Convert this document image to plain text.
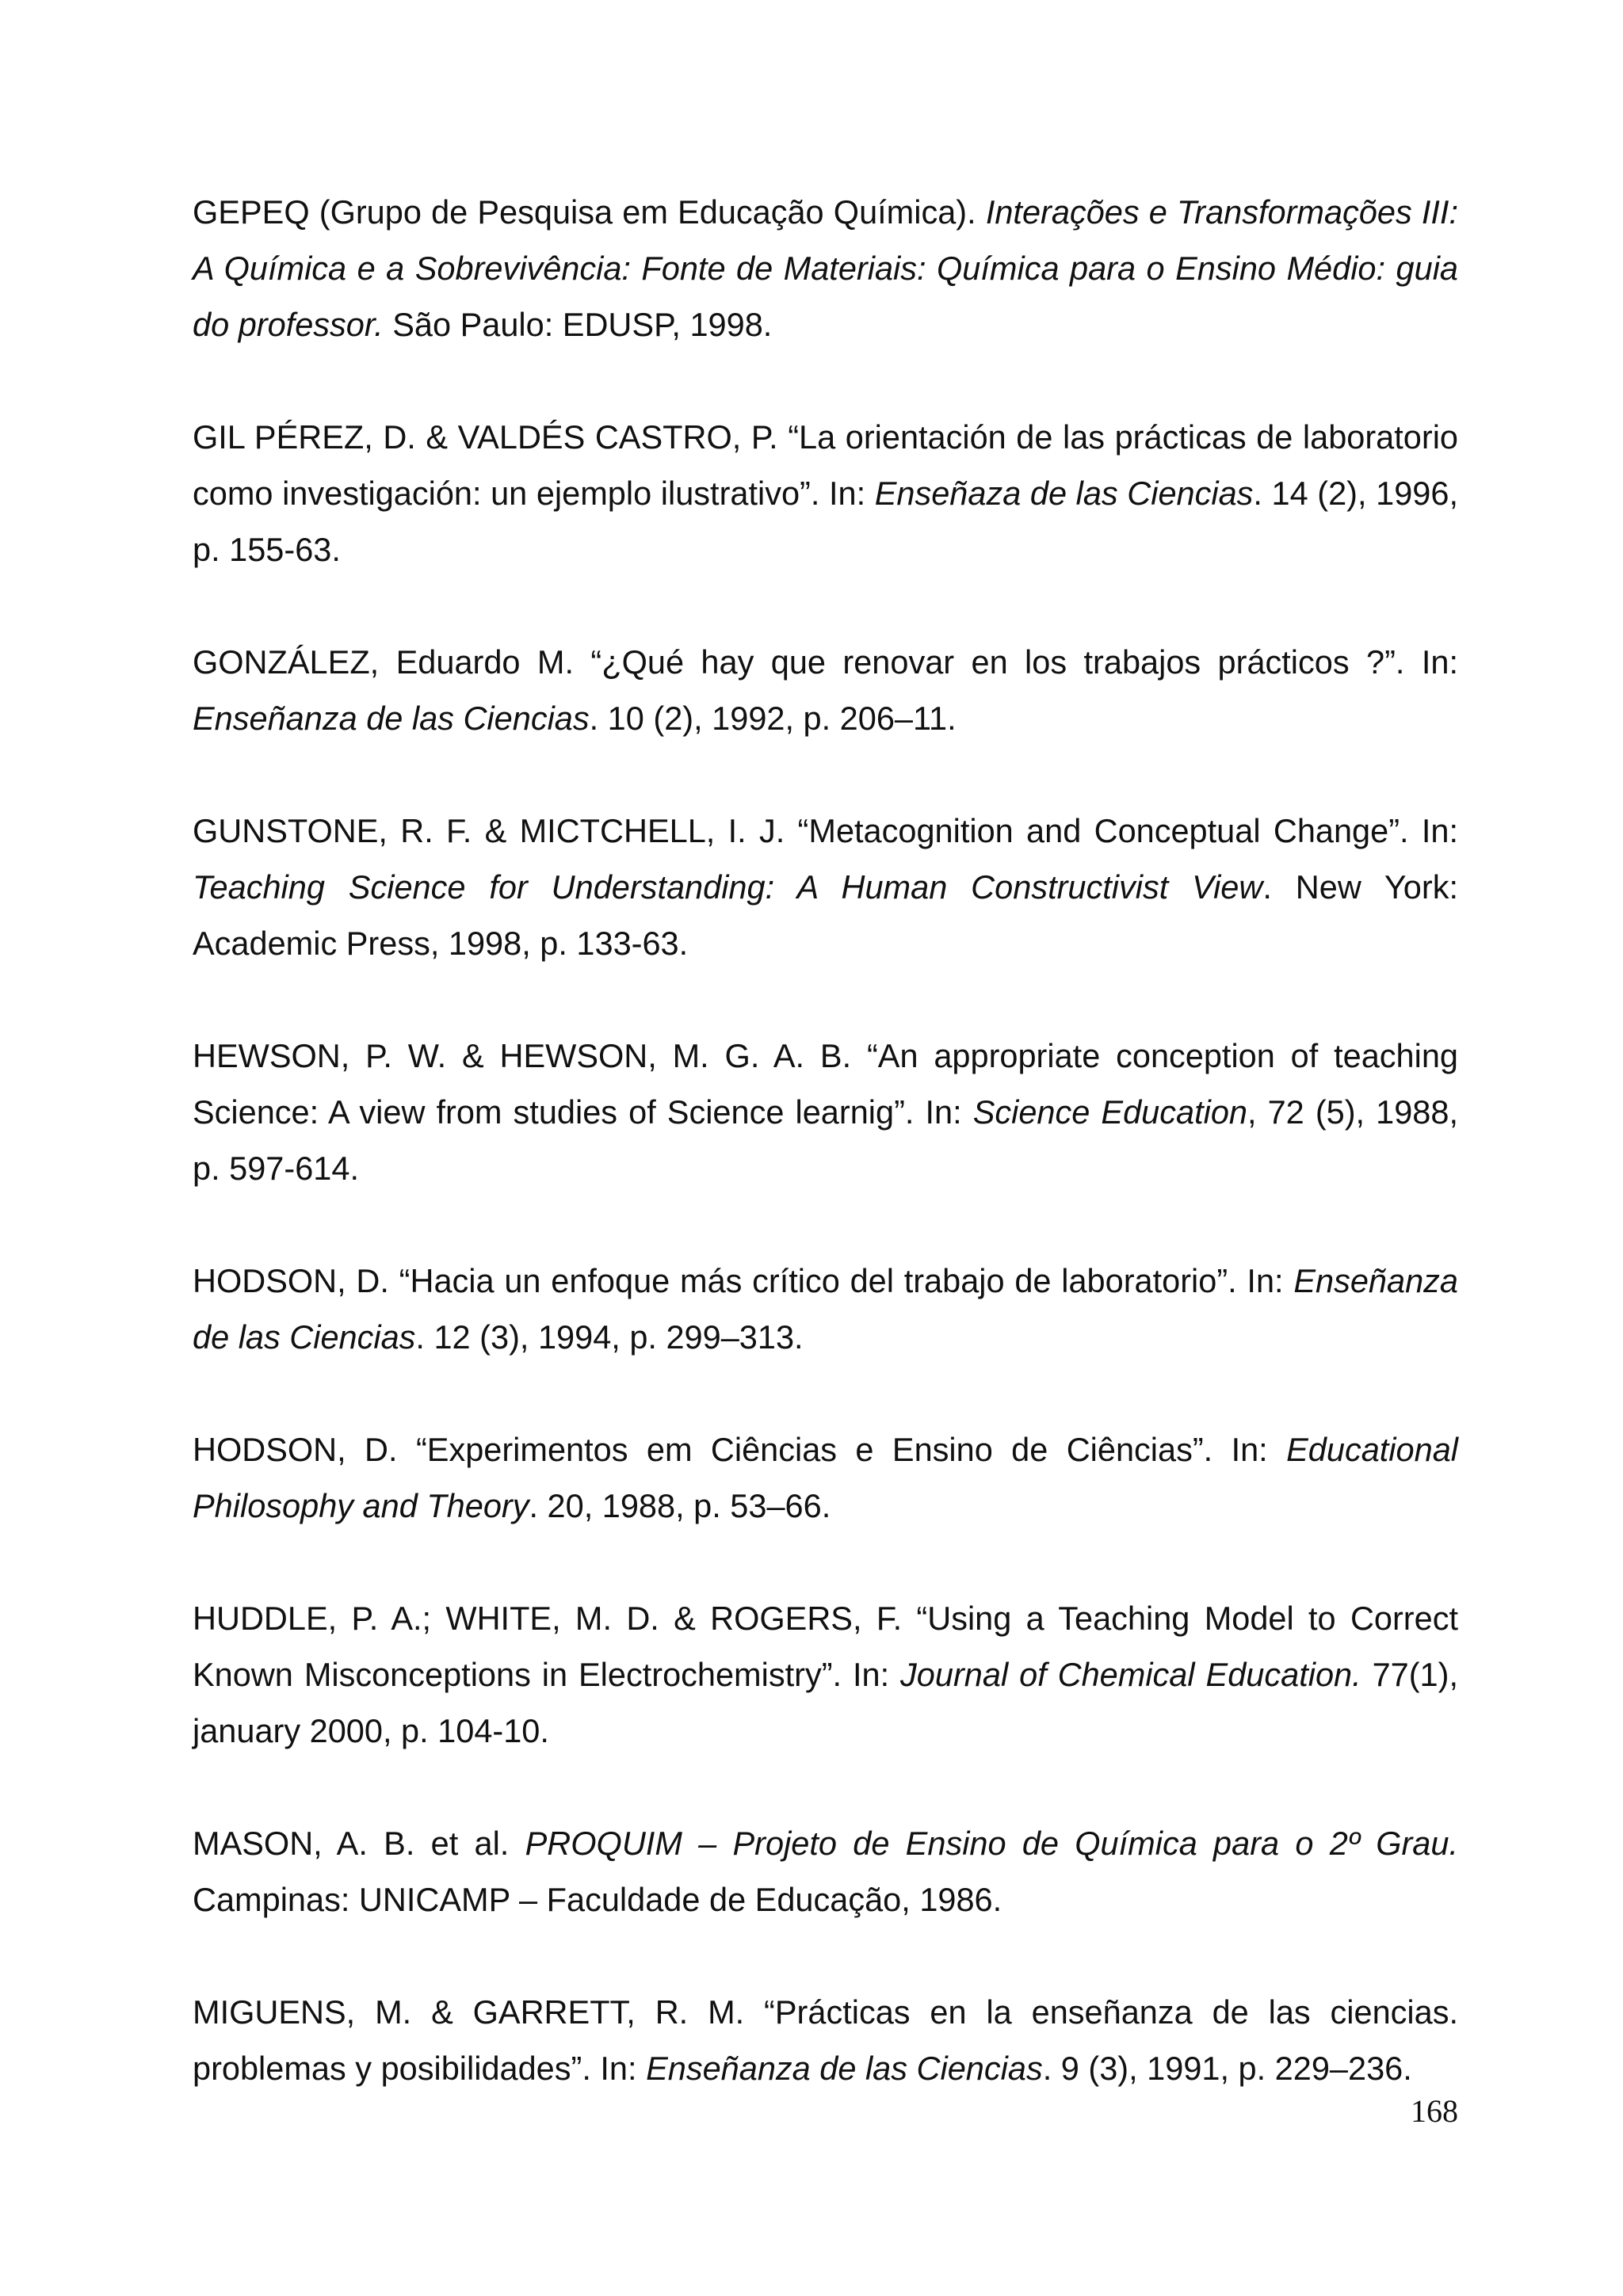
GEPEQ (Grupo de Pesquisa em Educação Química). Interações e Transformações III: A Química e a Sobrevivência: Fonte de Materiais: Química para o Ensino Médio: guia do professor. São Paulo: EDUSP, 1998.

GIL PÉREZ, D. & VALDÉS CASTRO, P. “La orientación de las prácticas de laboratorio como investigación: un ejemplo ilustrativo”. In: Enseñaza de las Ciencias. 14 (2), 1996, p. 155-63.

GONZÁLEZ, Eduardo M. “¿Qué hay que renovar en los trabajos prácticos ?”. In: Enseñanza de las Ciencias. 10 (2), 1992, p. 206–11.

GUNSTONE, R. F. & MICTCHELL, I. J. “Metacognition and Conceptual Change”. In: Teaching Science for Understanding: A Human Constructivist View. New York: Academic Press, 1998, p. 133-63.

HEWSON, P. W. & HEWSON, M. G. A. B. “An appropriate conception of teaching Science: A view from studies of Science learnig”. In: Science Education, 72 (5), 1988, p. 597-614.

HODSON, D. “Hacia un enfoque más crítico del trabajo de laboratorio”. In: Enseñanza de las Ciencias. 12 (3), 1994, p. 299–313.

HODSON, D. “Experimentos em Ciências e Ensino de Ciências”. In: Educational Philosophy and Theory. 20, 1988, p. 53–66.

HUDDLE, P. A.; WHITE, M. D. & ROGERS, F. “Using a Teaching Model to Correct Known Misconceptions in Electrochemistry”. In: Journal of Chemical Education. 77(1), january 2000, p. 104-10.

MASON, A. B. et al. PROQUIM – Projeto de Ensino de Química para o 2º Grau. Campinas: UNICAMP – Faculdade de Educação, 1986.

MIGUENS, M. & GARRETT, R. M. “Prácticas en la enseñanza de las ciencias. problemas y posibilidades”. In: Enseñanza de las Ciencias. 9 (3), 1991, p. 229–236.

168
